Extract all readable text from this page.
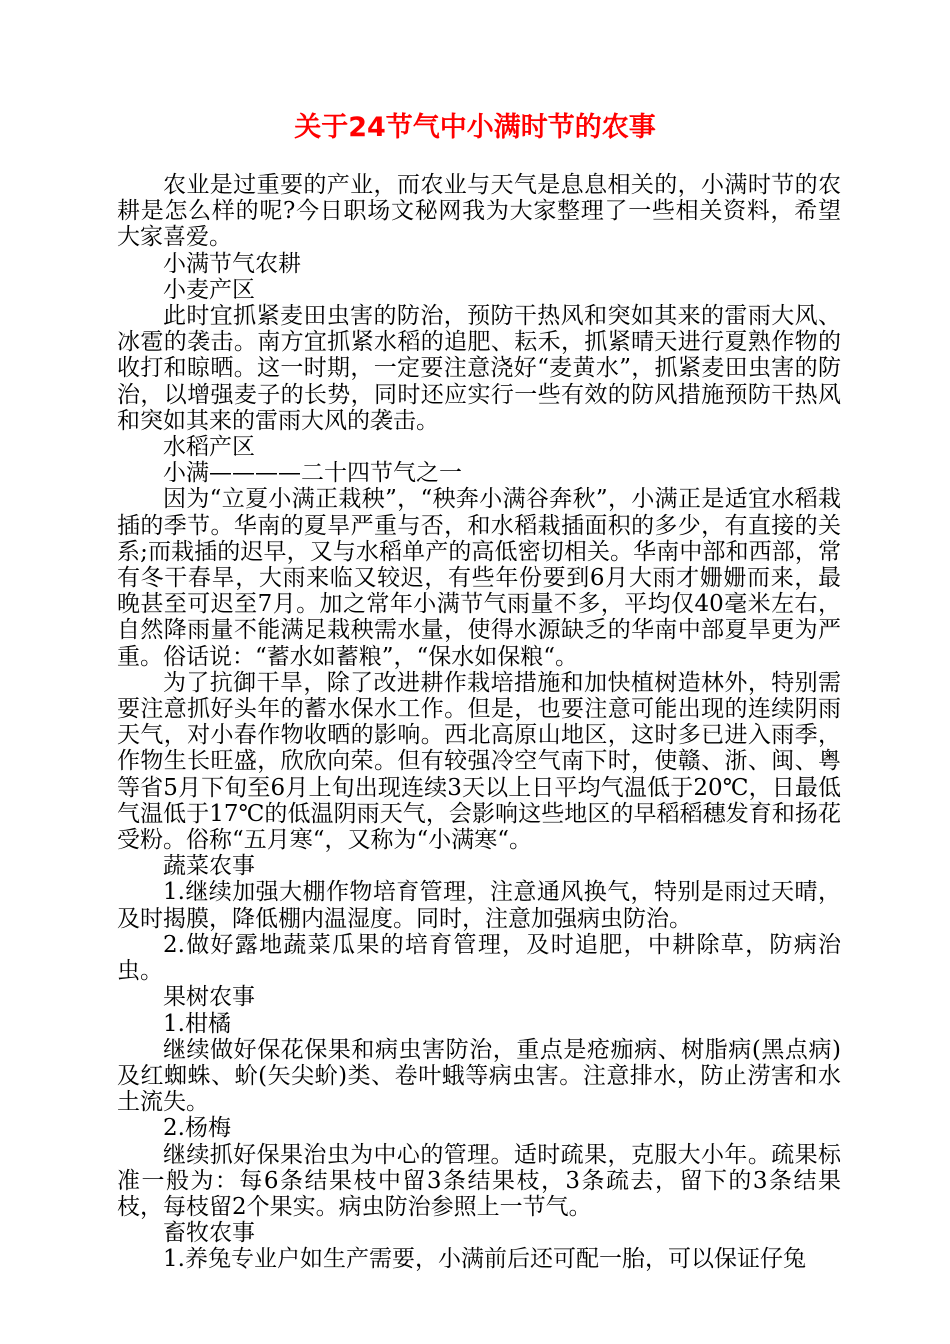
关于24节气中小满时节的农事

农业是过重要的产业，而农业与天气是息息相关的，小满时节的农耕是怎么样的呢?今日职场文秘网我为大家整理了一些相关资料，希望大家喜爱。

小满节气农耕

小麦产区

此时宜抓紧麦田虫害的防治，预防干热风和突如其来的雷雨大风、冰雹的袭击。南方宜抓紧水稻的追肥、耘禾，抓紧晴天进行夏熟作物的收打和晾晒。这一时期，一定要注意浇好“麦黄水”，抓紧麦田虫害的防治，以增强麦子的长势，同时还应实行一些有效的防风措施预防干热风和突如其来的雷雨大风的袭击。

水稻产区

小满————二十四节气之一

因为“立夏小满正栽秧”，“秧奔小满谷奔秋”，小满正是适宜水稻栽插的季节。华南的夏旱严重与否，和水稻栽插面积的多少，有直接的关系;而栽插的迟早，又与水稻单产的高低密切相关。华南中部和西部，常有冬干春旱，大雨来临又较迟，有些年份要到6月大雨才姗姗而来，最晚甚至可迟至7月。加之常年小满节气雨量不多，平均仅40毫米左右，自然降雨量不能满足栽秧需水量，使得水源缺乏的华南中部夏旱更为严重。俗话说：“蓄水如蓄粮”，“保水如保粮“。

为了抗御干旱，除了改进耕作栽培措施和加快植树造林外，特别需要注意抓好头年的蓄水保水工作。但是，也要注意可能出现的连续阴雨天气，对小春作物收晒的影响。西北高原山地区，这时多已进入雨季，作物生长旺盛，欣欣向荣。但有较强冷空气南下时，使赣、浙、闽、粤等省5月下旬至6月上旬出现连续3天以上日平均气温低于20℃，日最低气温低于17℃的低温阴雨天气，会影响这些地区的早稻稻穗发育和扬花受粉。俗称“五月寒“，又称为“小满寒“。

蔬菜农事

1.继续加强大棚作物培育管理，注意通风换气，特别是雨过天晴，及时揭膜，降低棚内温湿度。同时，注意加强病虫防治。

2.做好露地蔬菜瓜果的培育管理，及时追肥，中耕除草，防病治虫。

果树农事

1.柑橘

继续做好保花保果和病虫害防治，重点是疮痂病、树脂病(黑点病)及红蜘蛛、蚧(矢尖蚧)类、卷叶蛾等病虫害。注意排水，防止涝害和水土流失。

2.杨梅

继续抓好保果治虫为中心的管理。适时疏果，克服大小年。疏果标准一般为：每6条结果枝中留3条结果枝，3条疏去，留下的3条结果枝，每枝留2个果实。病虫防治参照上一节气。

畜牧农事

1.养兔专业户如生产需要，小满前后还可配一胎，可以保证仔兔
